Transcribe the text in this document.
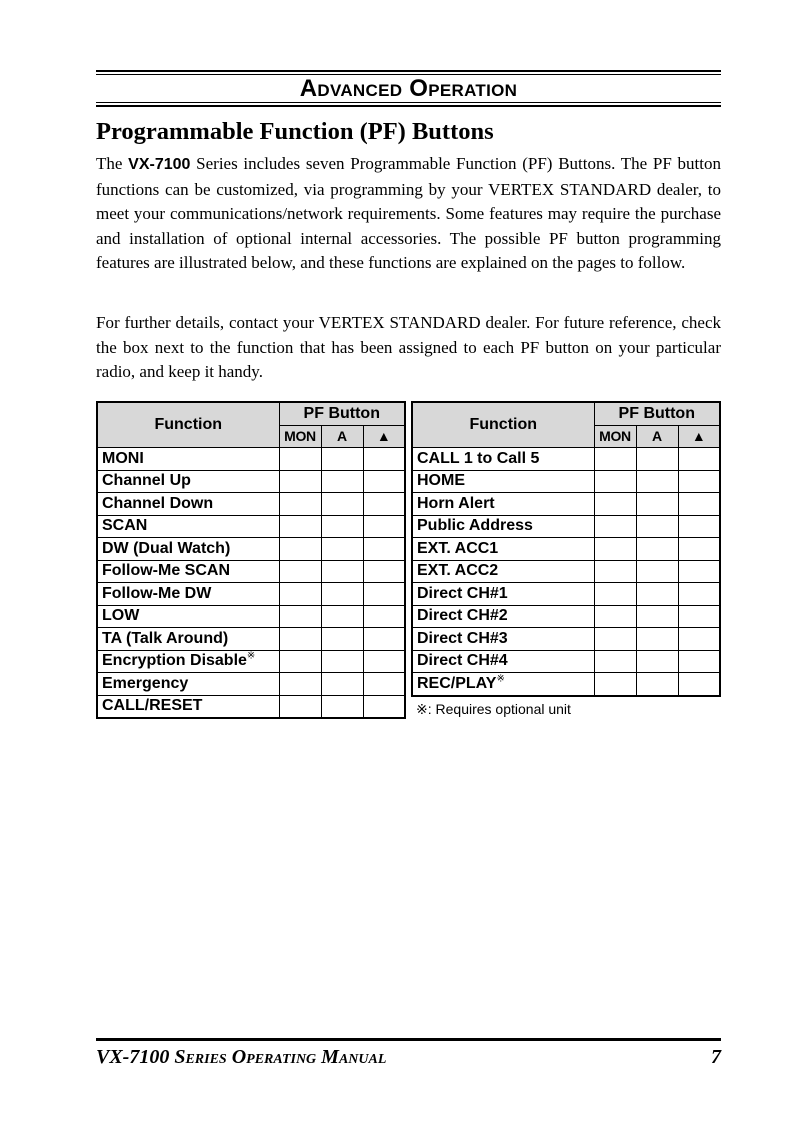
Advanced Operation
Programmable Function (PF) Buttons

The VX-7100 Series includes seven Programmable Function (PF) Buttons. The PF button functions can be customized, via programming by your VERTEX STANDARD dealer, to meet your communications/network requirements. Some features may require the purchase and installation of optional internal accessories. The possible PF button programming features are illustrated below, and these functions are explained on the pages to follow.

For further details, contact your VERTEX STANDARD dealer. For future reference, check the box next to the function that has been assigned to each PF button on your particular radio, and keep it handy.

Function	PF Button		
	MON	A	▲
MONI			
Channel Up			
Channel Down			
SCAN			
DW (Dual Watch)			
Follow-Me SCAN			
Follow-Me DW			
LOW			
TA (Talk Around)			
Encryption Disable※			
Emergency			
CALL/RESET			
Function	PF Button		
	MON	A	▲
CALL 1 to Call 5			
HOME			
Horn Alert			
Public Address			
EXT. ACC1			
EXT. ACC2			
Direct CH#1			
Direct CH#2			
Direct CH#3			
Direct CH#4			
REC/PLAY※			
※: Requires optional unit
VX-7100 Series Operating Manual	7
